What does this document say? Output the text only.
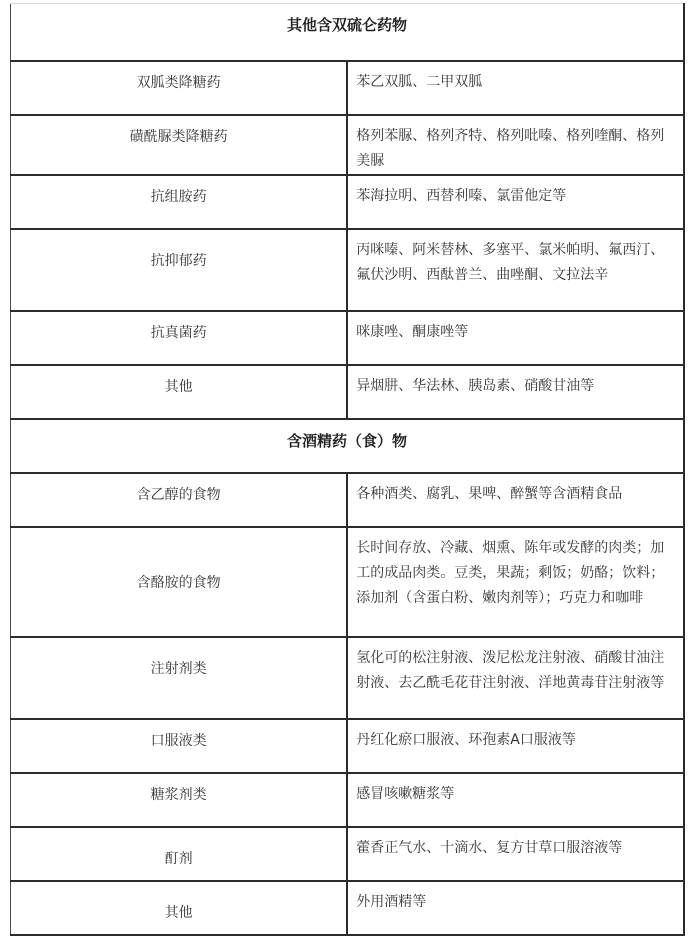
其他含双硫仑药物	
双胍类降糖药	苯乙双胍、二甲双胍
磺酰脲类降糖药	格列苯脲、格列齐特、格列吡嗪、格列喹酮、格列美脲
抗组胺药	苯海拉明、西替利嗪、氯雷他定等
抗抑郁药	丙咪嗪、阿米替林、多塞平、氯米帕明、氟西汀、氟伏沙明、西酞普兰、曲唑酮、文拉法辛
抗真菌药	咪康唑、酮康唑等
其他	异烟肼、华法林、胰岛素、硝酸甘油等
含酒精药（食）物	
含乙醇的食物	各种酒类、腐乳、果啤、醉蟹等含酒精食品
含酪胺的食物	长时间存放、冷藏、烟熏、陈年或发酵的肉类；加工的成品肉类。豆类，果蔬；剩饭；奶酪；饮料；添加剂（含蛋白粉、嫩肉剂等）；巧克力和咖啡
注射剂类	氢化可的松注射液、泼尼松龙注射液、硝酸甘油注射液、去乙酰毛花苷注射液、洋地黄毒苷注射液等
口服液类	丹红化瘀口服液、环孢素A口服液等
糖浆剂类	感冒咳嗽糖浆等
酊剂	藿香正气水、十滴水、复方甘草口服溶液等
其他	外用酒精等
